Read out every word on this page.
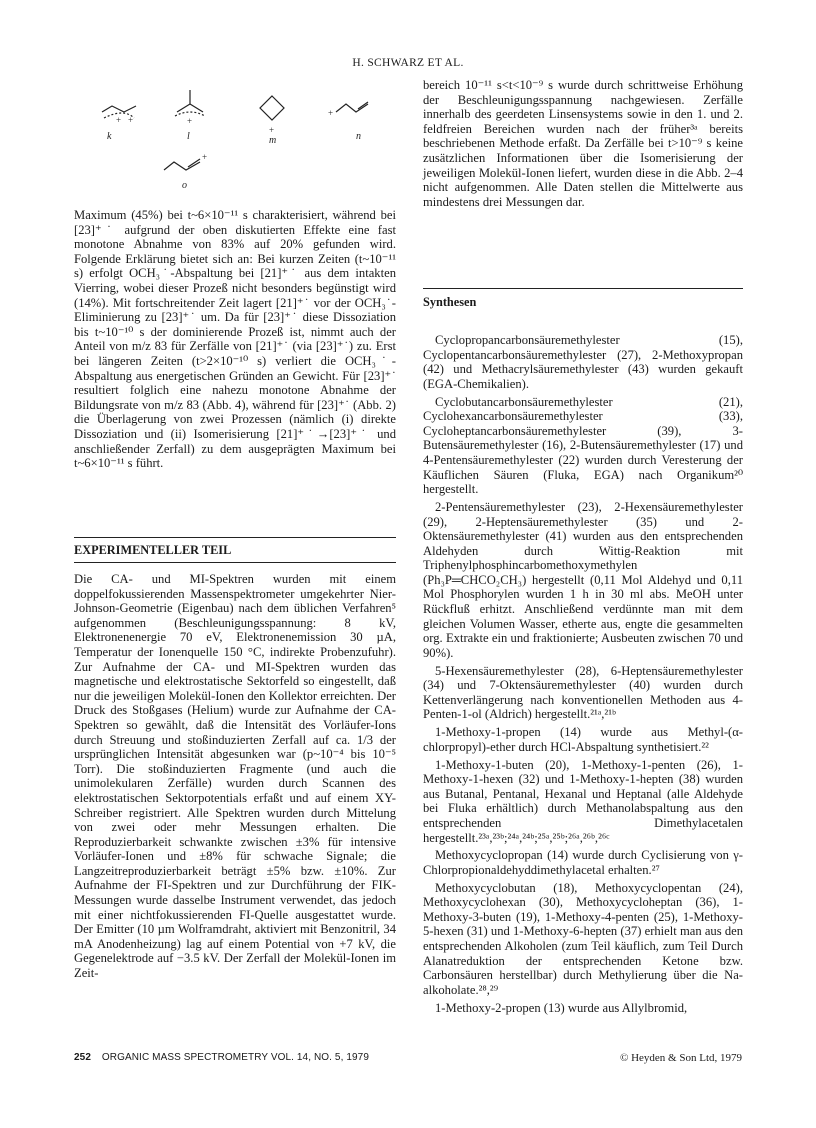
H. SCHWARZ ET AL.
+ +	+
+
+
+
k	l	m	n
o

Maximum (45%) bei t~6×10⁻¹¹ s charakterisiert, während bei [23]⁺˙ aufgrund der oben diskutierten Effekte eine fast monotone Abnahme von 83% auf 20% gefunden wird. Folgende Erklärung bietet sich an: Bei kurzen Zeiten (t~10⁻¹¹ s) erfolgt OCH₃˙-Abspaltung bei [21]⁺˙ aus dem intakten Vierring, wobei dieser Prozeß nicht besonders begünstigt wird (14%). Mit fortschreitender Zeit lagert [21]⁺˙ vor der OCH₃˙-Eliminierung zu [23]⁺˙ um. Da für [23]⁺˙ diese Dissoziation bis t~10⁻¹⁰ s der dominierende Prozeß ist, nimmt auch der Anteil von m/z 83 für Zerfälle von [21]⁺˙ (via [23]⁺˙) zu. Erst bei längeren Zeiten (t>2×10⁻¹⁰ s) verliert die OCH₃˙-Abspaltung aus energetischen Gründen an Gewicht. Für [23]⁺˙ resultiert folglich eine nahezu monotone Abnahme der Bildungsrate von m/z 83 (Abb. 4), während für [23]⁺˙ (Abb. 2) die Überlagerung von zwei Prozessen (nämlich (i) direkte Dissoziation und (ii) Isomerisierung [21]⁺˙→[23]⁺˙ und anschließender Zerfall) zu dem ausgeprägten Maximum bei t~6×10⁻¹¹ s führt.

EXPERIMENTELLER TEIL

Die CA- und MI-Spektren wurden mit einem doppelfokussierenden Massenspektrometer umgekehrter Nier-Johnson-Geometrie (Eigenbau) nach dem üblichen Verfahren⁵ aufgenommen (Beschleunigungsspannung: 8 kV, Elektronenenergie 70 eV, Elektronenemission 30 µA, Temperatur der Ionenquelle 150 °C, indirekte Probenzufuhr). Zur Aufnahme der CA- und MI-Spektren wurden das magnetische und elektrostatische Sektorfeld so eingestellt, daß nur die jeweiligen Molekül-Ionen den Kollektor erreichten. Der Druck des Stoßgases (Helium) wurde zur Aufnahme der CA-Spektren so gewählt, daß die Intensität des Vorläufer-Ions durch Streuung und stoßinduzierten Zerfall auf ca. 1/3 der ursprünglichen Intensität abgesunken war (p~10⁻⁴ bis 10⁻⁵ Torr). Die stoßinduzierten Fragmente (und auch die unimolekularen Zerfälle) wurden durch Scannen des elektrostatischen Sektorpotentials erfaßt und auf einem XY-Schreiber registriert. Alle Spektren wurden durch Mittelung von zwei oder mehr Messungen erhalten. Die Reproduzierbarkeit schwankte zwischen ±3% für intensive Vorläufer-Ionen und ±8% für schwache Signale; die Langzeitreproduzierbarkeit beträgt ±5% bzw. ±10%. Zur Aufnahme der FI-Spektren und zur Durchführung der FIK-Messungen wurde dasselbe Instrument verwendet, das jedoch mit einer nichtfokussierenden FI-Quelle ausgestattet wurde. Der Emitter (10 µm Wolframdraht, aktiviert mit Benzonitril, 34 mA Anodenheizung) lag auf einem Potential von +7 kV, die Gegenelektrode auf −3.5 kV. Der Zerfall der Molekül-Ionen im Zeit-

bereich 10⁻¹¹ s<t<10⁻⁹ s wurde durch schrittweise Erhöhung der Beschleunigungsspannung nachgewiesen. Zerfälle innerhalb des geerdeten Linsensystems sowie in den 1. und 2. feldfreien Bereichen wurden nach der früher³ᵃ bereits beschriebenen Methode erfaßt. Da Zerfälle bei t>10⁻⁹ s keine zusätzlichen Informationen über die Isomerisierung der jeweiligen Molekül-Ionen liefert, wurden diese in die Abb. 2–4 nicht aufgenommen. Alle Daten stellen die Mittelwerte aus mindestens drei Messungen dar.

Synthesen

Cyclopropancarbonsäuremethylester (15), Cyclopentancarbonsäuremethylester (27), 2-Methoxypropan (42) und Methacrylsäuremethylester (43) wurden gekauft (EGA-Chemikalien).

Cyclobutancarbonsäuremethylester (21), Cyclohexancarbonsäuremethylester (33), Cycloheptancarbonsäuremethylester (39), 3-Butensäuremethylester (16), 2-Butensäuremethylester (17) und 4-Pentensäuremethylester (22) wurden durch Veresterung der Käuflichen Säuren (Fluka, EGA) nach Organikum²⁰ hergestellt.

2-Pentensäuremethylester (23), 2-Hexensäuremethylester (29), 2-Heptensäuremethylester (35) und 2-Oktensäuremethylester (41) wurden aus den entsprechenden Aldehyden durch Wittig-Reaktion mit Triphenylphosphincarbomethoxymethylen (Ph₃P═CHCO₂CH₃) hergestellt (0,11 Mol Aldehyd und 0,11 Mol Phosphorylen wurden 1 h in 30 ml abs. MeOH unter Rückfluß erhitzt. Anschließend verdünnte man mit dem gleichen Volumen Wasser, etherte aus, engte die gesammelten org. Extrakte ein und fraktionierte; Ausbeuten zwischen 70 und 90%).

5-Hexensäuremethylester (28), 6-Heptensäuremethylester (34) und 7-Oktensäuremethylester (40) wurden durch Kettenverlängerung nach konventionellen Methoden aus 4-Penten-1-ol (Aldrich) hergestellt.²¹ᵃ,²¹ᵇ

1-Methoxy-1-propen (14) wurde aus Methyl-(α-chlorpropyl)-ether durch HCl-Abspaltung synthetisiert.²²

1-Methoxy-1-buten (20), 1-Methoxy-1-penten (26), 1-Methoxy-1-hexen (32) und 1-Methoxy-1-hepten (38) wurden aus Butanal, Pentanal, Hexanal und Heptanal (alle Aldehyde bei Fluka erhältlich) durch Methanolabspaltung aus den entsprechenden Dimethylacetalen hergestellt.²³ᵃ,²³ᵇ;²⁴ᵃ,²⁴ᵇ;²⁵ᵃ,²⁵ᵇ;²⁶ᵃ,²⁶ᵇ,²⁶ᶜ

Methoxycyclopropan (14) wurde durch Cyclisierung von γ-Chlorpropionaldehyddimethylacetal erhalten.²⁷

Methoxycyclobutan (18), Methoxycyclopentan (24), Methoxycyclohexan (30), Methoxycycloheptan (36), 1-Methoxy-3-buten (19), 1-Methoxy-4-penten (25), 1-Methoxy-5-hexen (31) und 1-Methoxy-6-hepten (37) erhielt man aus den entsprechenden Alkoholen (zum Teil käuflich, zum Teil Durch Alanatreduktion der entsprechenden Ketone bzw. Carbonsäuren herstellbar) durch Methylierung über die Na-alkoholate.²⁸,²⁹

1-Methoxy-2-propen (13) wurde aus Allylbromid,

252 ORGANIC MASS SPECTROMETRY VOL. 14, NO. 5, 1979	© Heyden & Son Ltd, 1979
